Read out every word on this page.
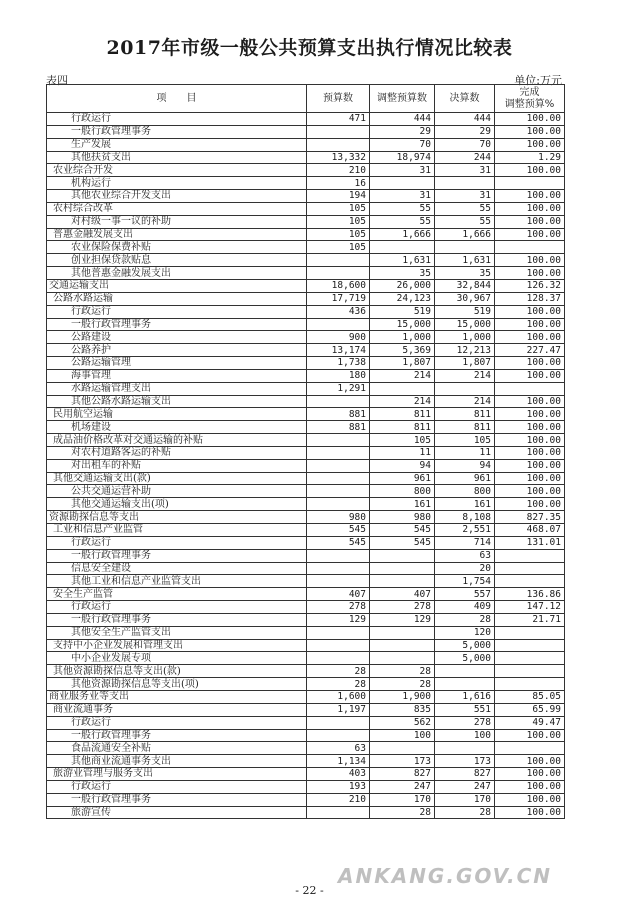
2017年市级一般公共预算支出执行情况比较表
表四	单位:万元
项　　目	预算数	调整预算数	决算数	完成
调整预算%
行政运行	471	444	444	100.00
一般行政管理事务		29	29	100.00
生产发展		70	70	100.00
其他扶贫支出	13,332	18,974	244	1.29
农业综合开发	210	31	31	100.00
机构运行	16			
其他农业综合开发支出	194	31	31	100.00
农村综合改革	105	55	55	100.00
对村级一事一议的补助	105	55	55	100.00
普惠金融发展支出	105	1,666	1,666	100.00
农业保险保费补贴	105			
创业担保贷款贴息		1,631	1,631	100.00
其他普惠金融发展支出		35	35	100.00
交通运输支出	18,600	26,000	32,844	126.32
公路水路运输	17,719	24,123	30,967	128.37
行政运行	436	519	519	100.00
一般行政管理事务		15,000	15,000	100.00
公路建设	900	1,000	1,000	100.00
公路养护	13,174	5,369	12,213	227.47
公路运输管理	1,738	1,807	1,807	100.00
海事管理	180	214	214	100.00
水路运输管理支出	1,291			
其他公路水路运输支出		214	214	100.00
民用航空运输	881	811	811	100.00
机场建设	881	811	811	100.00
成品油价格改革对交通运输的补贴		105	105	100.00
对农村道路客运的补贴		11	11	100.00
对出租车的补贴		94	94	100.00
其他交通运输支出(款)		961	961	100.00
公共交通运营补助		800	800	100.00
其他交通运输支出(项)		161	161	100.00
资源勘探信息等支出	980	980	8,108	827.35
工业和信息产业监管	545	545	2,551	468.07
行政运行	545	545	714	131.01
一般行政管理事务			63	
信息安全建设			20	
其他工业和信息产业监管支出			1,754	
安全生产监管	407	407	557	136.86
行政运行	278	278	409	147.12
一般行政管理事务	129	129	28	21.71
其他安全生产监管支出			120	
支持中小企业发展和管理支出			5,000	
中小企业发展专项			5,000	
其他资源勘探信息等支出(款)	28	28		
其他资源勘探信息等支出(项)	28	28		
商业服务业等支出	1,600	1,900	1,616	85.05
商业流通事务	1,197	835	551	65.99
行政运行		562	278	49.47
一般行政管理事务		100	100	100.00
食品流通安全补贴	63			
其他商业流通事务支出	1,134	173	173	100.00
旅游业管理与服务支出	403	827	827	100.00
行政运行	193	247	247	100.00
一般行政管理事务	210	170	170	100.00
旅游宣传		28	28	100.00
ANKANG.GOV.CN
- 22 -
